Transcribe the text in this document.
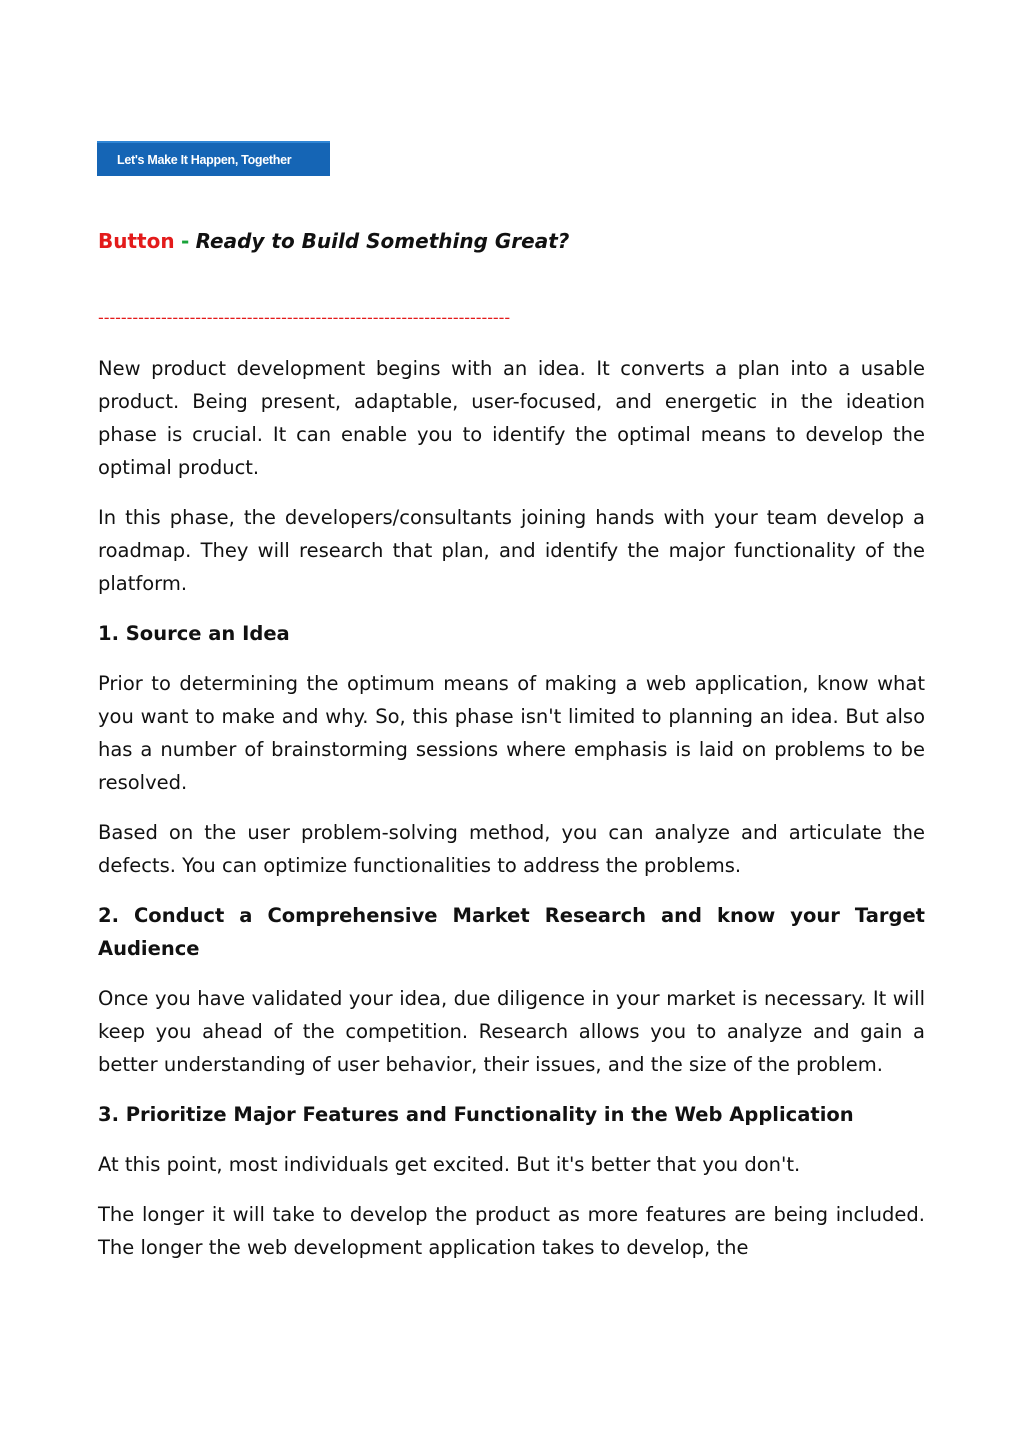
Let's Make It Happen, Together
Button - Ready to Build Something Great?
------------------------------------------------------------------------

New product development begins with an idea. It converts a plan into a usable product. Being present, adaptable, user-focused, and energetic in the ideation phase is crucial. It can enable you to identify the optimal means to develop the optimal product.

In this phase, the developers/consultants joining hands with your team develop a roadmap. They will research that plan, and identify the major functionality of the platform.

1. Source an Idea

Prior to determining the optimum means of making a web application, know what you want to make and why. So, this phase isn't limited to planning an idea. But also has a number of brainstorming sessions where emphasis is laid on problems to be resolved.

Based on the user problem-solving method, you can analyze and articulate the defects. You can optimize functionalities to address the problems.

2. Conduct a Comprehensive Market Research and know your Target Audience

Once you have validated your idea, due diligence in your market is necessary. It will keep you ahead of the competition. Research allows you to analyze and gain a better understanding of user behavior, their issues, and the size of the problem.

3. Prioritize Major Features and Functionality in the Web Application

At this point, most individuals get excited. But it's better that you don't.

The longer it will take to develop the product as more features are being included. The longer the web development application takes to develop, the
